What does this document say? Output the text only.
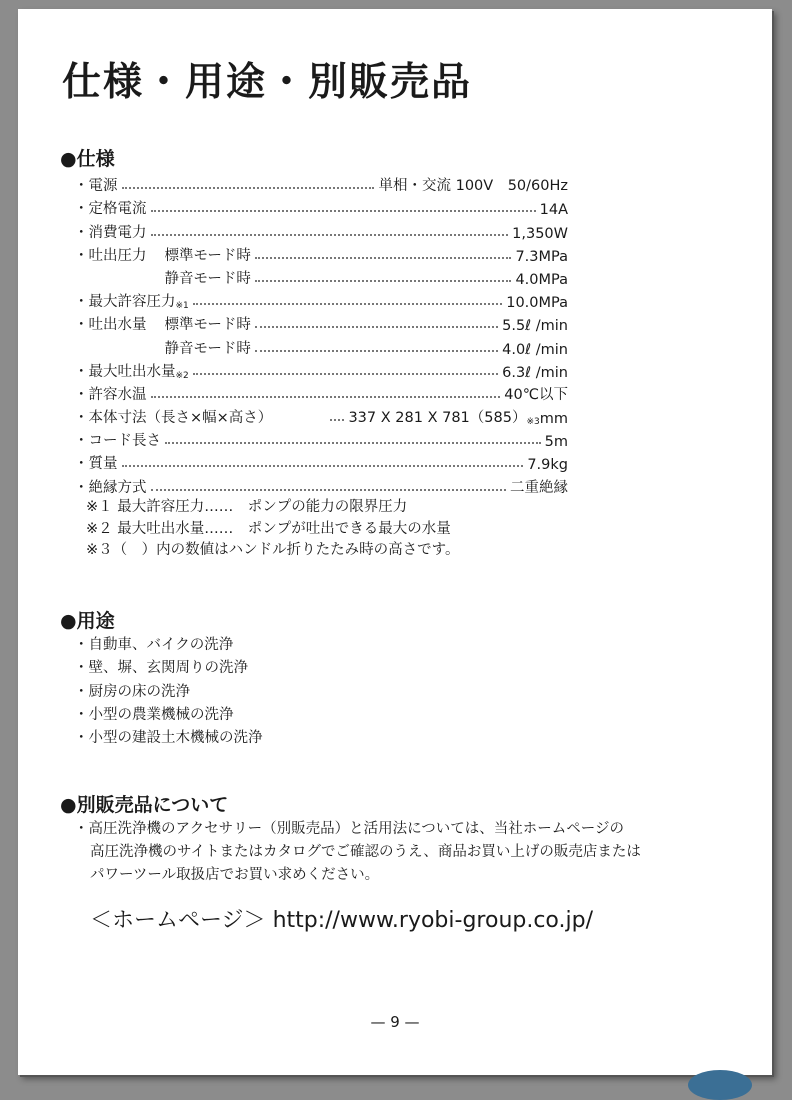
仕様・用途・別販売品
●仕様
・電源	単相・交流 100V　50/60Hz
・定格電流	14A
・消費電力	1,350W
・吐出圧力 標準モード時	7.3MPa
静音モード時	4.0MPa
・最大許容圧力$_{※1}$	10.0MPa
・吐出水量 標準モード時	5.5ℓ /min
静音モード時	4.0ℓ /min
・最大吐出水量$_{※2}$	6.3ℓ /min
・許容水温	40℃以下
・本体寸法（長さ×幅×高さ）	337 X 281 X $781(585)_{※3}$ mm
・コード長さ	5m
・質量	7.9kg
・絶縁方式	二重絶縁
※１ 最大許容圧力……　ポンプの能力の限界圧力
※２ 最大吐出水量……　ポンプが吐出できる最大の水量
※３（　）内の数値はハンドル折りたたみ時の高さです。
●用途
・自動車、バイクの洗浄
・壁、塀、玄関周りの洗浄
・厨房の床の洗浄
・小型の農業機械の洗浄
・小型の建設土木機械の洗浄
●別販売品について
・高圧洗浄機のアクセサリー（別販売品）と活用法については、当社ホームページの
高圧洗浄機のサイトまたはカタログでご確認のうえ、商品お買い上げの販売店または
パワーツール取扱店でお買い求めください。
＜ホームページ＞ http://www.ryobi-group.co.jp/
— 9 —
